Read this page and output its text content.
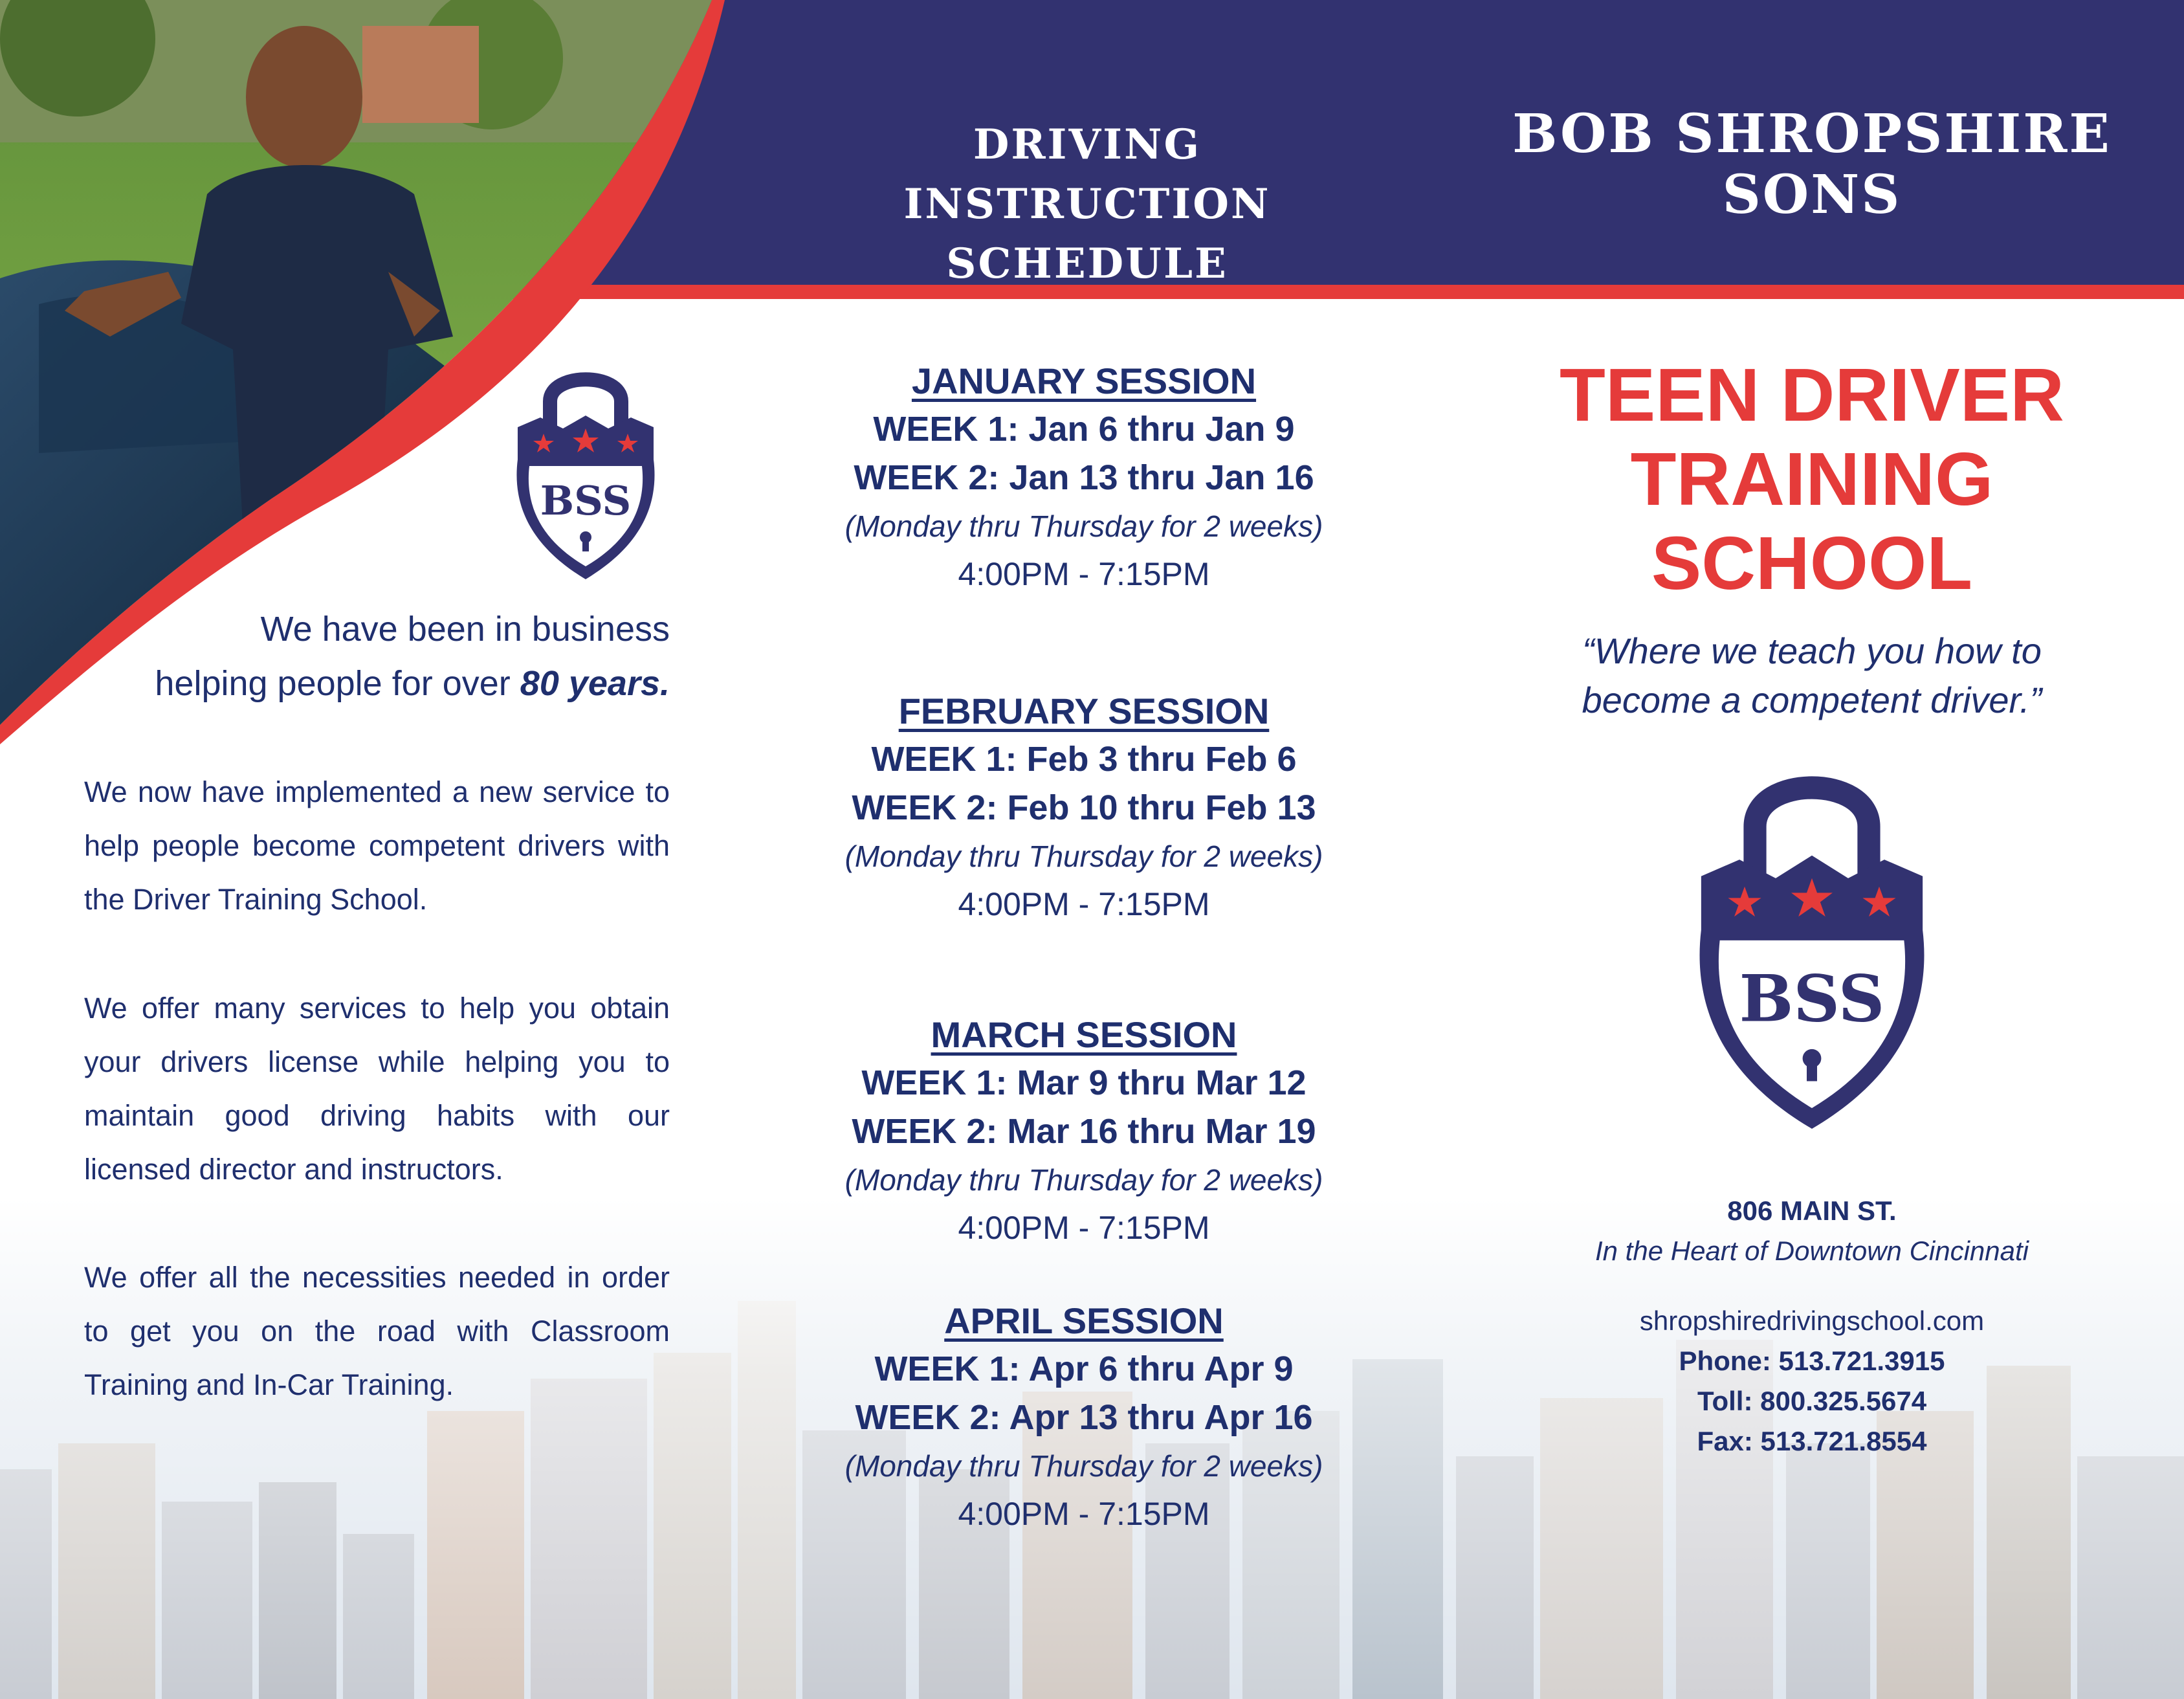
DRIVING INSTRUCTION
SCHEDULE
BOB SHROPSHIRE
SONS
BSS
We have been in business
helping people for over 80 years.
We now have implemented a new service to help people become competent drivers with the Driver Training School.
We offer many services to help you obtain your drivers license while helping you to maintain good driving habits with our licensed director and instructors.
We offer all the necessities needed in order to get you on the road with Classroom Training and In-Car Training.
JANUARY SESSION
WEEK 1: Jan 6 thru Jan 9
WEEK 2: Jan 13 thru Jan 16
(Monday thru Thursday for 2 weeks)
4:00PM - 7:15PM
FEBRUARY SESSION
WEEK 1: Feb 3 thru Feb 6
WEEK 2: Feb 10 thru Feb 13
(Monday thru Thursday for 2 weeks)
4:00PM - 7:15PM
MARCH SESSION
WEEK 1: Mar 9 thru Mar 12
WEEK 2: Mar 16 thru Mar 19
(Monday thru Thursday for 2 weeks)
4:00PM - 7:15PM
APRIL SESSION
WEEK 1: Apr 6 thru Apr 9
WEEK 2: Apr 13 thru Apr 16
(Monday thru Thursday for 2 weeks)
4:00PM - 7:15PM
TEEN DRIVER
TRAINING
SCHOOL
“Where we teach you how to
become a competent driver.”
BSS
806 MAIN ST.
In the Heart of Downtown Cincinnati
shropshiredrivingschool.com
Phone: 513.721.3915
Toll: 800.325.5674
Fax: 513.721.8554
